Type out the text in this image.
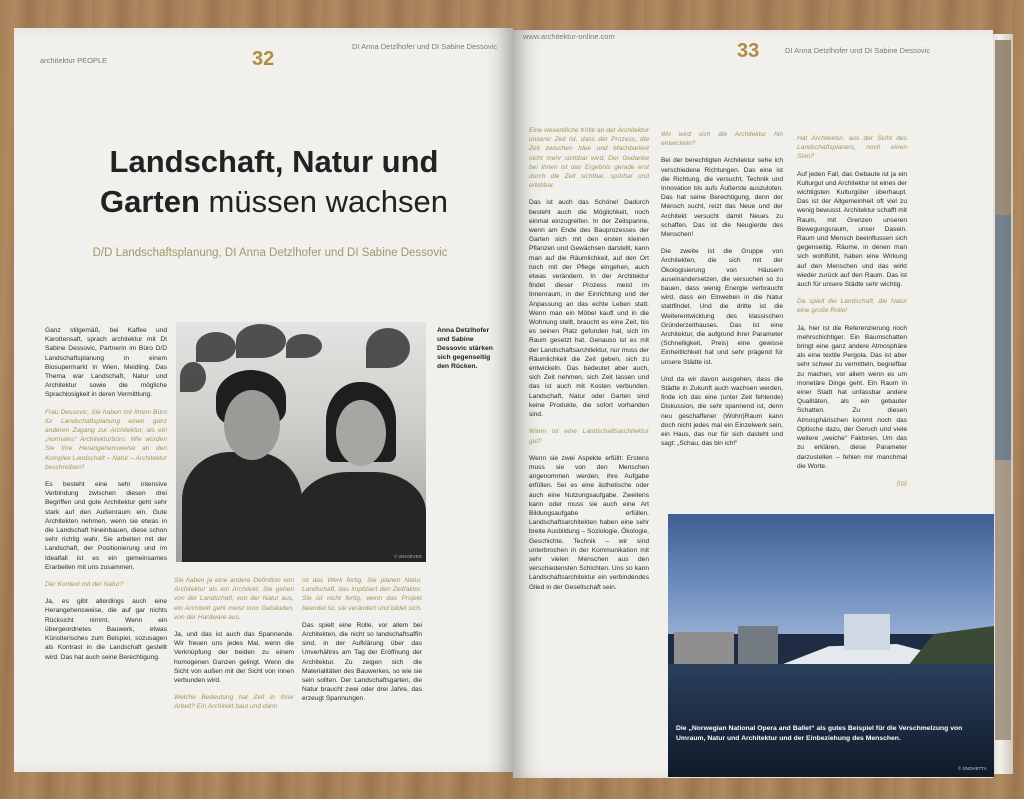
architektur PEOPLE	32
DI Anna Detzlhofer und DI Sabine Dessovic
Landschaft, Natur und
Garten müssen wachsen
D/D Landschaftsplanung, DI Anna Detzlhofer und DI Sabine Dessovic

Ganz stilgemäß, bei Kaffee und Karottensaft, sprach architektur mit DI Sabine Dessovic, Partnerin im Büro D/D Landschaftsplanung in einem Biosupermarkt in Wien, Meidling. Das Thema war Landschaft, Natur und Architektur sowie die mögliche Sprachlosigkeit in deren Vermittlung.

Frau Dessovic, Sie haben mit Ihrem Büro für Landschaftsplanung einen ganz anderen Zugang zur Architektur, als ein „normales“ Architekturbüro. Wie würden Sie Ihre Herangehensweise an den Komplex Landschaft – Natur – Architektur beschreiben?

Es besteht eine sehr intensive Verbindung zwischen diesen drei Begriffen und gute Architektur geht sehr stark auf den Außenraum ein. Gute Architekten nehmen, wenn sie etwas in die Landschaft hineinbauen, diese schon sehr richtig wahr. Sie arbeiten mit der Landschaft, der Positionierung und im Idealfall ist es ein gemeinsames Erarbeiten mit uns zusammen.

Der Kontext mit der Natur?

Ja, es gibt allerdings auch eine Herangehensweise, die auf gar nichts Rücksicht nimmt. Wenn ein übergeordnetes Bauwerk, etwas Künstlerisches zum Beispiel, sozusagen als Kontrast in die Landschaft gestellt wird. Das hat auch seine Berechtigung.

Sie haben ja eine andere Definition von Architektur als ein Architekt. Sie gehen von der Landschaft, von der Natur aus, ein Architekt geht meist vom Gebäuden, von der Hardware aus.

Ja, und das ist auch das Spannende. Wir freuen uns jedes Mal, wenn die Verknüpfung der beiden zu einem homogenen Ganzen gelingt. Wenn die Sicht von außen mit der Sicht von innen verbunden wird.

Welche Bedeutung hat Zeit in Ihrer Arbeit? Ein Architekt baut und dann

ist das Werk fertig. Sie planen Natur, Landschaft, das impliziert den Zeitfaktor. Sie ist nicht fertig, wenn das Projekt beendet ist, sie verändert und bildet sich.

Das spielt eine Rolle, vor allem bei Architekten, die nicht so landschaftsaffin sind, in der Aufklärung über das Unverhältnis am Tag der Eröffnung der Architektur. Zu zeigen sich die Materialitäten des Bauwerkes, so wie sie sein sollten. Der Landschaftsgarten, die Natur braucht zwei oder drei Jahre, das erzeugt Spannungen.

Anna Detzlhofer und Sabine Dessovic stärken sich gegenseitig den Rücken.
© WHOEVER
www.architektur-online.com
33	DI Anna Detzlhofer und DI Sabine Dessovic

Eine wesentliche Kritik an der Architektur unserer Zeit ist, dass der Prozess, die Zeit zwischen Idee und Machbarkeit nicht mehr sichtbar wird. Der Gedanke bei Ihnen ist das Ergebnis gerade erst durch die Zeit sichtbar, spürbar und erlebbar.

Das ist auch das Schöne! Dadurch besteht auch die Möglichkeit, noch einmal einzugreifen. In der Zeitspanne, wenn am Ende des Bauprozesses der Garten sich mit den ersten kleinen Pflanzen und Gewächsen darstellt, kann man auf die Räumlichkeit, auf den Ort noch mit der Pflege eingehen, auch etwas verändern. In der Architektur findet dieser Prozess meist im Innenraum, in der Einrichtung und der Anpassung an das echte Leben statt. Wenn man ein Möbel kauft und in die Wohnung stellt, braucht es eine Zeit, bis es seinen Platz gefunden hat, sich im Raum gesetzt hat. Genauso ist es mit der Landschaftsarchitektur, nur muss der Räumlichkeit die Zeit geben, sich zu entwickeln. Das bedeutet aber auch, sich Zeit nehmen, sich Zeit lassen und das ist auch mit Kosten verbunden. Landschaft, Natur oder Garten sind keine Produkte, die sofort vorhanden sind.

Wann ist eine Landschaftsarchitektur gut?

Wenn sie zwei Aspekte erfüllt: Erstens muss sie von den Menschen angenommen werden, ihre Aufgabe erfüllen. Sei es eine ästhetische oder auch eine Nutzungsaufgabe. Zweitens kann oder muss sie auch eine Art Bildungsaufgabe erfüllen. Landschaftsarchitekten haben eine sehr breite Ausbildung – Soziologie, Ökologie, Geschichte, Technik – wir sind unterbrochen in der Kommunikation mit sehr vielen Menschen aus den verschiedensten Schichten. Uns so kann Landschaftsarchitektur ein verbindendes Glied in der Gesellschaft sein.

Wo wird sich die Architektur hin entwickeln?

Bei der berechtigten Architektur sehe ich verschiedene Richtungen. Das eine ist die Richtung, die versucht, Technik und Innovation bis aufs Äußerste auszuloten. Das hat seine Berechtigung, denn der Mensch sucht, reizt das Neue und der Architekt versucht damit Neues zu schaffen. Das ist die Neugierde des Menschen!

Die zweite ist die Gruppe von Architekten, die sich mit der Ökologisierung von Häusern auseinandersetzen, die versuchen so zu bauen, dass wenig Energie verbraucht wird, dass ein Einweben in die Natur stattfindet. Und die dritte ist die Weiterentwicklung des klassischen Gründerzeithauses. Das ist eine Architektur, die aufgrund ihrer Parameter (Schnelligkeit, Preis) eine gewisse Einheitlichkeit hat und sehr prägend für unsere Städte ist.

Und da wir davon ausgehen, dass die Städte in Zukunft auch wachsen werden, finde ich das eine (unter Zeit fehlende) Diskussion, die sehr spannend ist, denn neu geschaffener (Wohn)Raum kann doch nicht jedes mal ein Einzelwerk sein, ein Haus, das nur für sich dasteht und sagt: „Schau, das bin ich!“

Hat Architektur, aus der Sicht des Landschaftsplaners, noch einen Sinn?

Auf jeden Fall, das Gebaute ist ja ein Kulturgut und Architektur ist eines der wichtigsten Kulturgüter überhaupt. Das ist der Allgemeinheit oft viel zu wenig bewusst. Architektur schafft mit Raum, mit Grenzen unseren Bewegungsraum, unser Dasein. Raum und Mensch beeinflussen sich gegenseitig. Räume, in denen man sich wohlfühlt, haben eine Wirkung auf den Menschen und das wirkt wieder zurück auf den Raum. Das ist auch für unsere Städte sehr wichtig.

Da spielt die Landschaft, die Natur eine große Rolle!

Ja, hier ist die Referenzierung noch mehrschichtiger. Ein Baumschatten bringt eine ganz andere Atmosphäre als eine textile Pergola. Das ist aber sehr schwer zu vermitteln, begreifbar zu machen, vor allem wenn es um monetäre Dinge geht. Ein Raum in einer Stadt hat unfassbar andere Qualitäten, als ein gebauter Schatten. Zu diesen Atmosphärischen kommt noch das Optische dazu, der Geruch und viele weitere „weiche“ Faktoren. Um das zu erklären, diese Parameter darzustellen – fehlen mir manchmal die Worte.

(rp)

Die „Norwegian National Opera and Ballet“ als gutes Beispiel für die Verschmelzung von Umraum, Natur und Architektur und der Einbeziehung des Menschen.
© SNOHETTA
